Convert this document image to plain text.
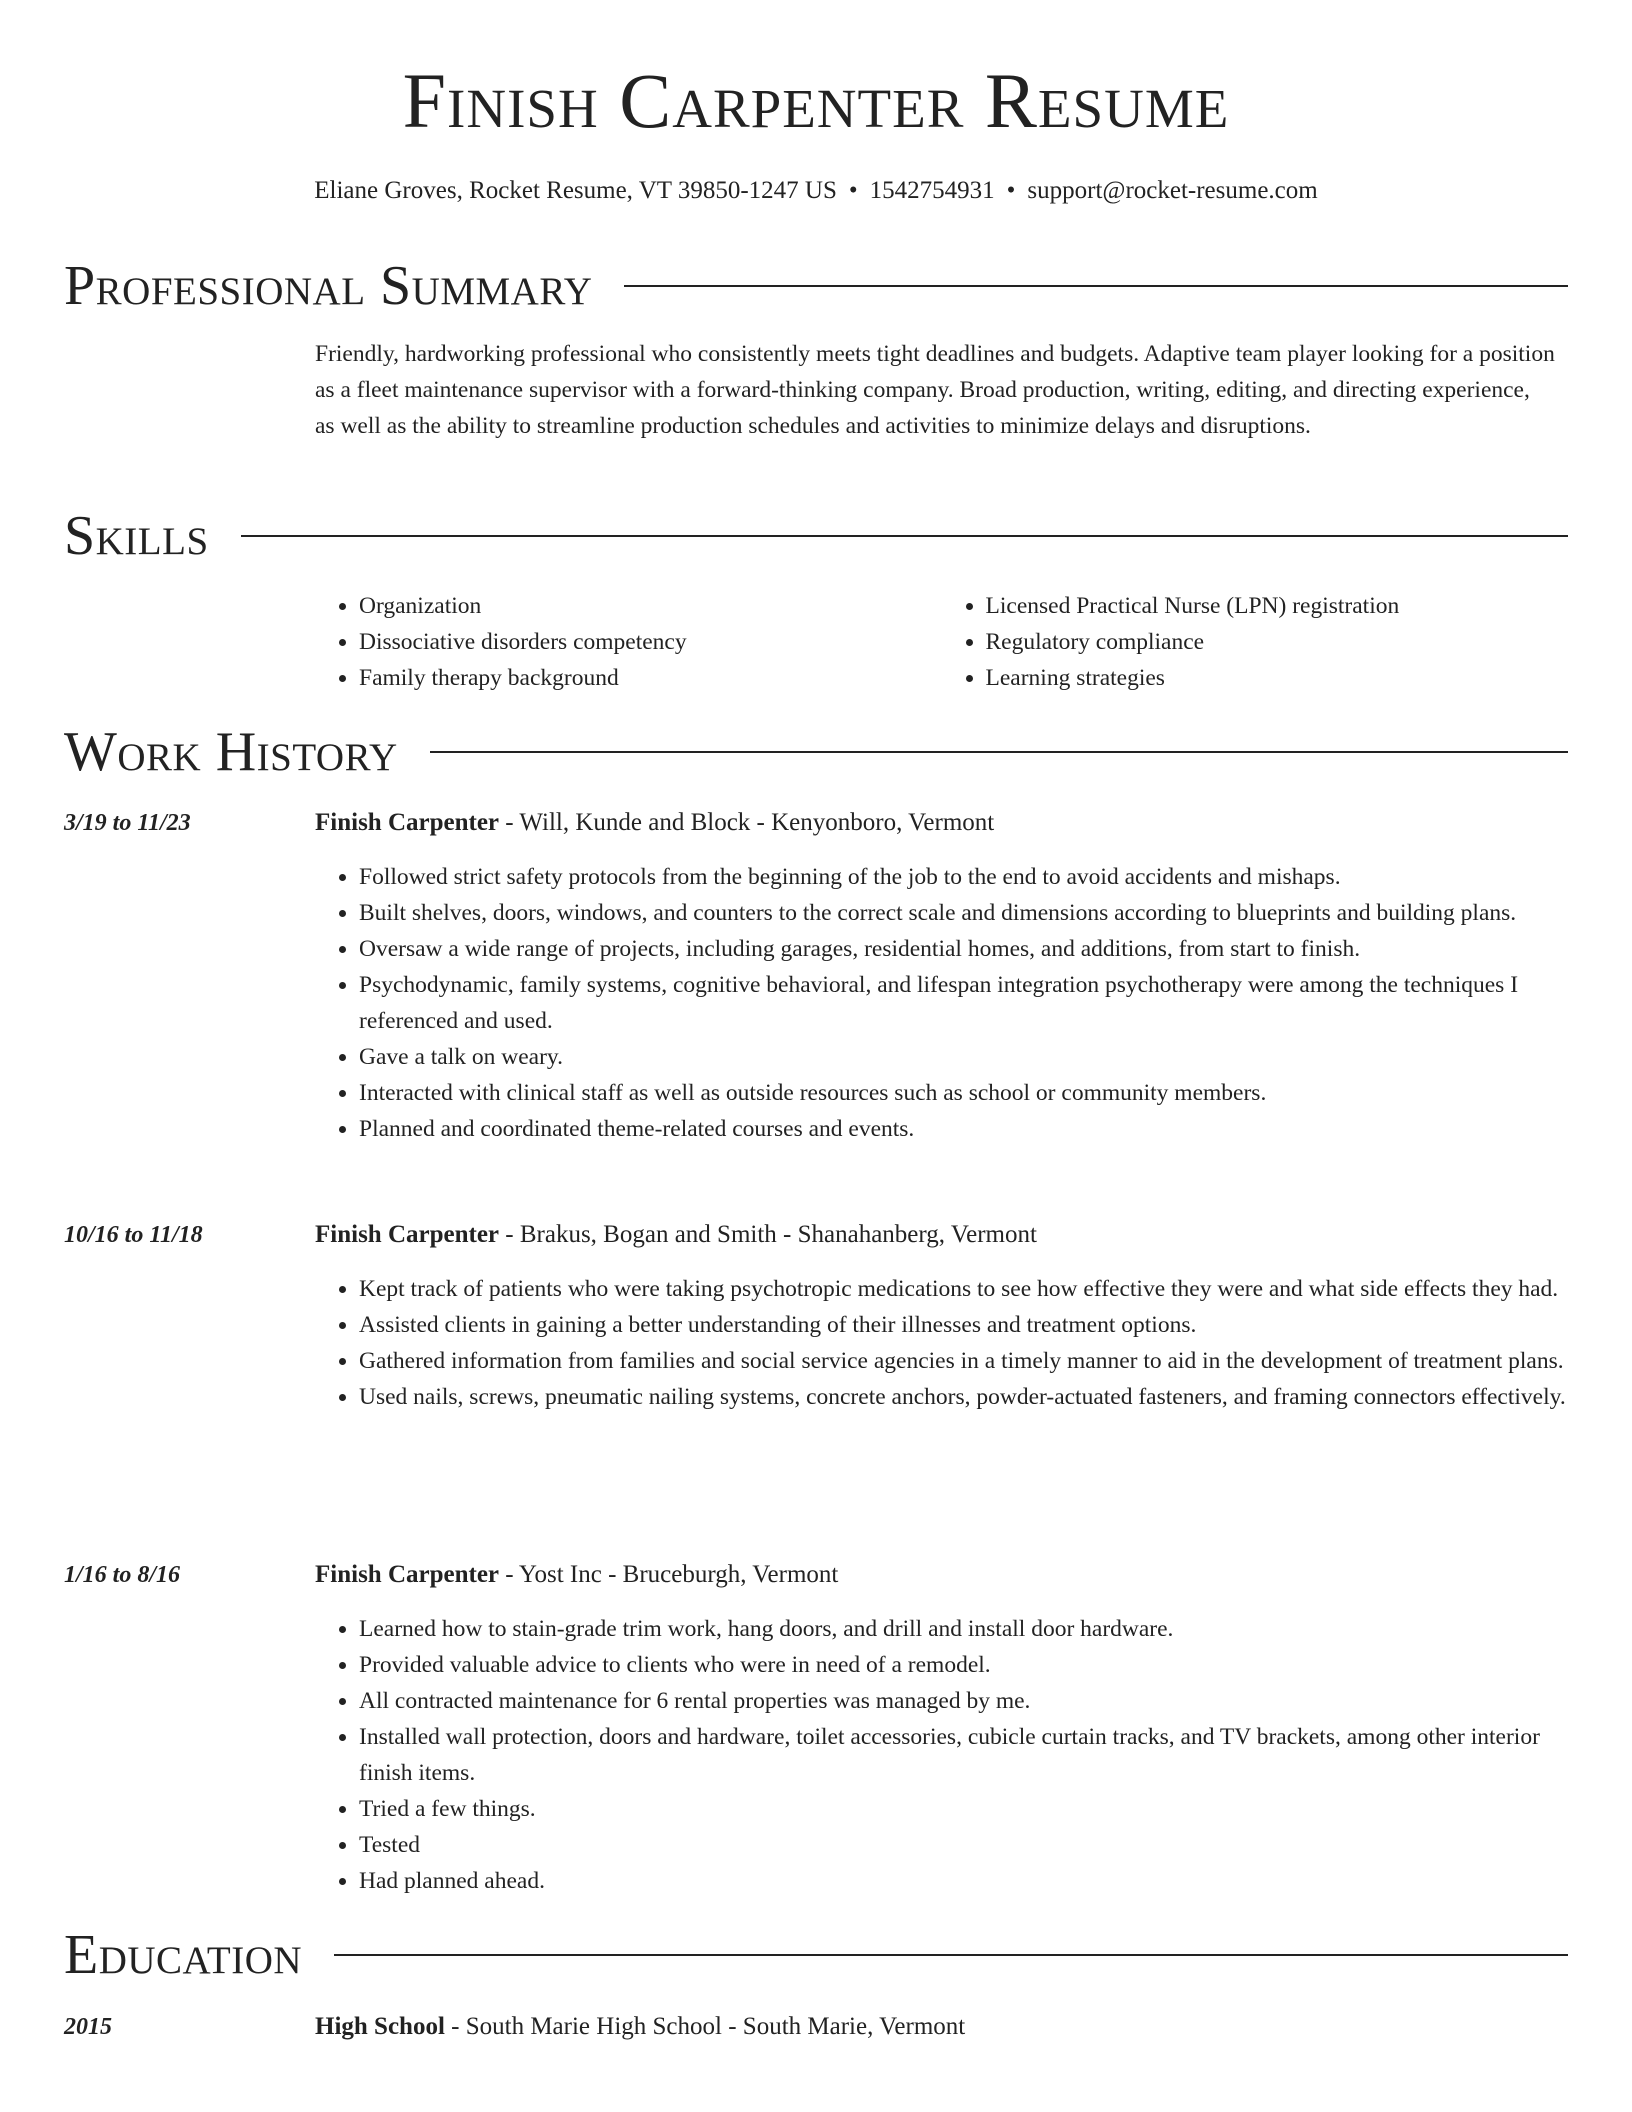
Finish Carpenter Resume
Eliane Groves, Rocket Resume, VT 39850-1247 US • 1542754931 • support@rocket-resume.com
Professional Summary
Friendly, hardworking professional who consistently meets tight deadlines and budgets. Adaptive team player looking for a position as a fleet maintenance supervisor with a forward-thinking company. Broad production, writing, editing, and directing experience, as well as the ability to streamline production schedules and activities to minimize delays and disruptions.
Skills
• Organization
• Dissociative disorders competency
• Family therapy background
• Licensed Practical Nurse (LPN) registration
• Regulatory compliance
• Learning strategies
Work History
3/19 to 11/23	Finish Carpenter - Will, Kunde and Block - Kenyonboro, Vermont
• Followed strict safety protocols from the beginning of the job to the end to avoid accidents and mishaps.
• Built shelves, doors, windows, and counters to the correct scale and dimensions according to blueprints and building plans.
• Oversaw a wide range of projects, including garages, residential homes, and additions, from start to finish.
• Psychodynamic, family systems, cognitive behavioral, and lifespan integration psychotherapy were among the techniques I referenced and used.
• Gave a talk on weary.
• Interacted with clinical staff as well as outside resources such as school or community members.
• Planned and coordinated theme-related courses and events.
10/16 to 11/18	Finish Carpenter - Brakus, Bogan and Smith - Shanahanberg, Vermont
• Kept track of patients who were taking psychotropic medications to see how effective they were and what side effects they had.
• Assisted clients in gaining a better understanding of their illnesses and treatment options.
• Gathered information from families and social service agencies in a timely manner to aid in the development of treatment plans.
• Used nails, screws, pneumatic nailing systems, concrete anchors, powder-actuated fasteners, and framing connectors effectively.
1/16 to 8/16	Finish Carpenter - Yost Inc - Bruceburgh, Vermont
• Learned how to stain-grade trim work, hang doors, and drill and install door hardware.
• Provided valuable advice to clients who were in need of a remodel.
• All contracted maintenance for 6 rental properties was managed by me.
• Installed wall protection, doors and hardware, toilet accessories, cubicle curtain tracks, and TV brackets, among other interior finish items.
• Tried a few things.
• Tested
• Had planned ahead.
Education
2015	High School - South Marie High School - South Marie, Vermont
